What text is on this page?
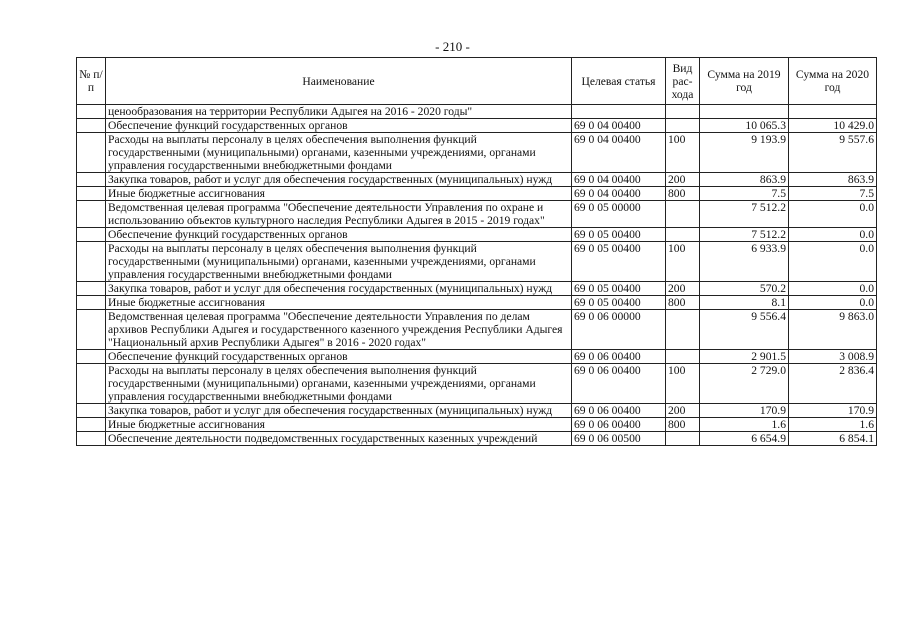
- 210 -
№ п/п	Наименование	Целевая статья	Вид рас- хода	Сумма на 2019 год	Сумма на 2020 год
	ценообразования на территории Республики Адыгея на 2016 - 2020 годы"				
	Обеспечение функций государственных органов	69 0 04 00400		10 065.3	10 429.0
	Расходы на выплаты персоналу в целях обеспечения выполнения функций государственными (муниципальными) органами, казенными учреждениями, органами управления государственными внебюджетными фондами	69 0 04 00400	100	9 193.9	9 557.6
	Закупка товаров, работ и услуг для обеспечения государственных (муниципальных) нужд	69 0 04 00400	200	863.9	863.9
	Иные бюджетные ассигнования	69 0 04 00400	800	7.5	7.5
	Ведомственная целевая программа "Обеспечение деятельности Управления по охране и использованию объектов культурного наследия Республики Адыгея в 2015 - 2019 годах"	69 0 05 00000		7 512.2	0.0
	Обеспечение функций государственных органов	69 0 05 00400		7 512.2	0.0
	Расходы на выплаты персоналу в целях обеспечения выполнения функций государственными (муниципальными) органами, казенными учреждениями, органами управления государственными внебюджетными фондами	69 0 05 00400	100	6 933.9	0.0
	Закупка товаров, работ и услуг для обеспечения государственных (муниципальных) нужд	69 0 05 00400	200	570.2	0.0
	Иные бюджетные ассигнования	69 0 05 00400	800	8.1	0.0
	Ведомственная целевая программа "Обеспечение деятельности Управления по делам архивов Республики Адыгея и государственного казенного учреждения Республики Адыгея "Национальный архив Республики Адыгея" в 2016 - 2020 годах"	69 0 06 00000		9 556.4	9 863.0
	Обеспечение функций государственных органов	69 0 06 00400		2 901.5	3 008.9
	Расходы на выплаты персоналу в целях обеспечения выполнения функций государственными (муниципальными) органами, казенными учреждениями, органами управления государственными внебюджетными фондами	69 0 06 00400	100	2 729.0	2 836.4
	Закупка товаров, работ и услуг для обеспечения государственных (муниципальных) нужд	69 0 06 00400	200	170.9	170.9
	Иные бюджетные ассигнования	69 0 06 00400	800	1.6	1.6
	Обеспечение деятельности подведомственных государственных казенных учреждений	69 0 06 00500		6 654.9	6 854.1
